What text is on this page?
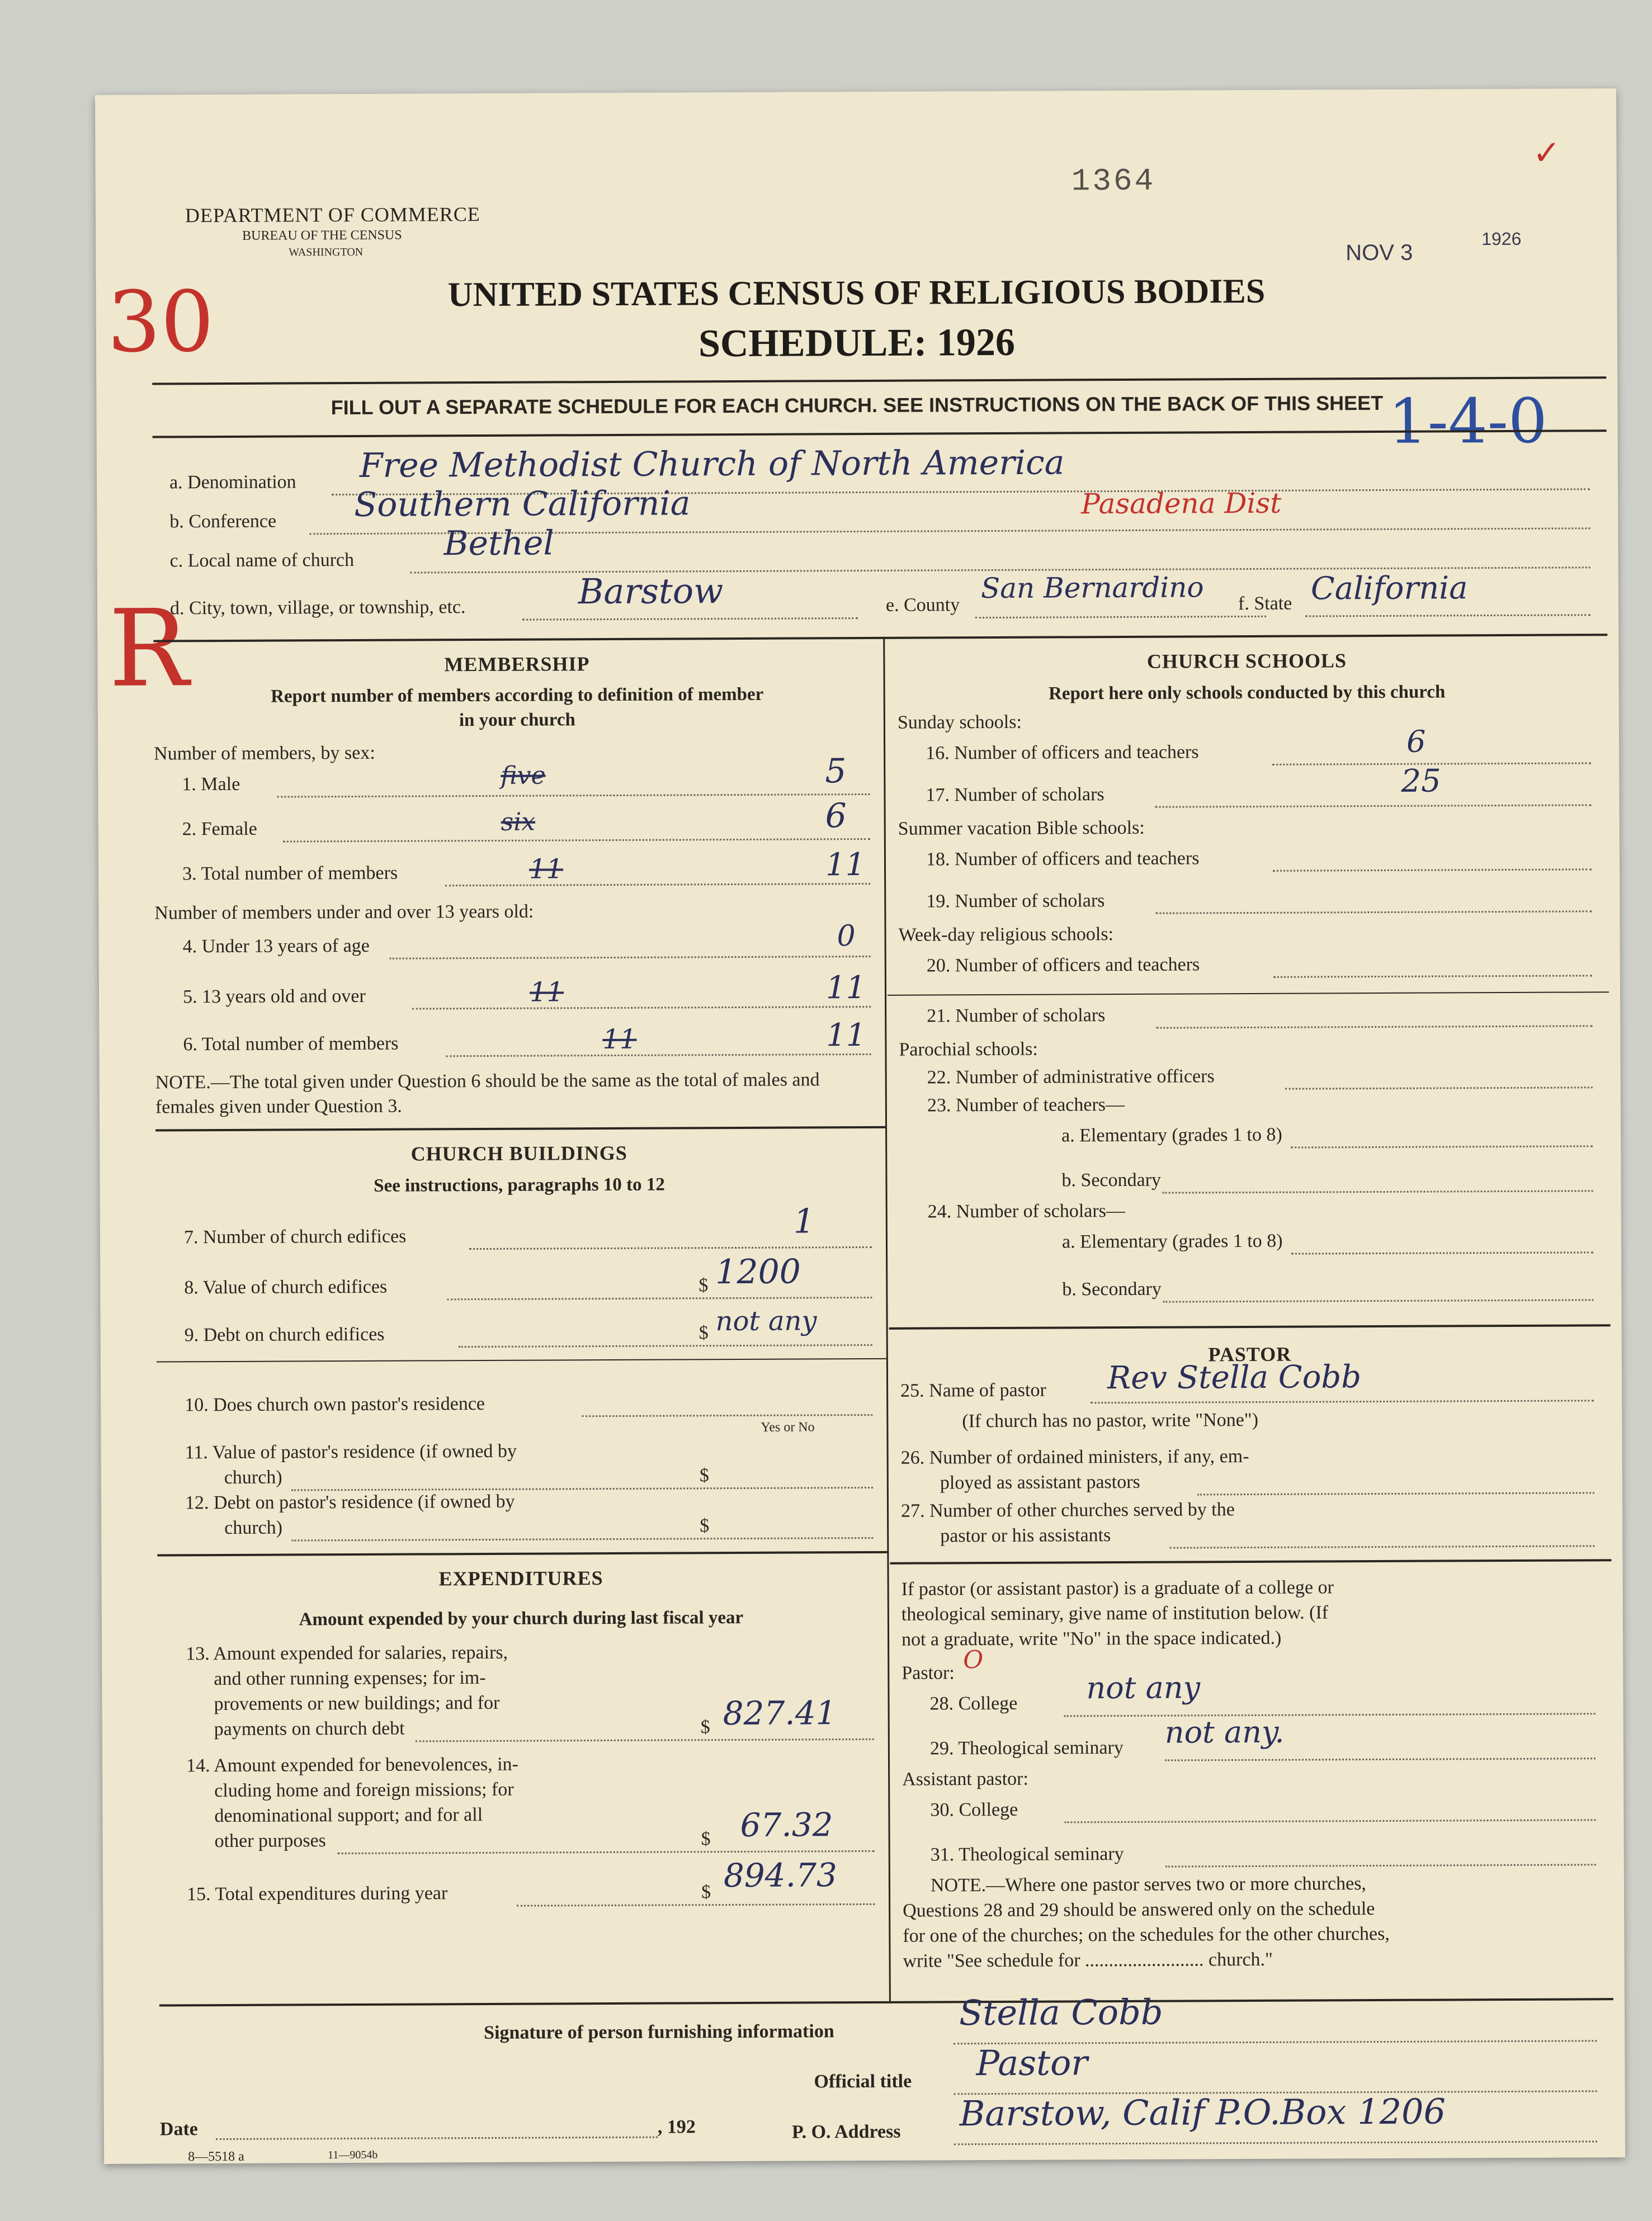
1364
NOV 3
1926
✓
30
R
1-4-0
DEPARTMENT OF COMMERCE
BUREAU OF THE CENSUS
WASHINGTON
UNITED STATES CENSUS OF RELIGIOUS BODIES
SCHEDULE: 1926
FILL OUT A SEPARATE SCHEDULE FOR EACH CHURCH. SEE INSTRUCTIONS ON THE BACK OF THIS SHEET
a. Denomination Free Methodist Church of North America
b. Conference Southern California	Pasadena Dist
c. Local name of church	Bethel
d. City, town, village, or township, etc.	Barstow	e. County
San Bernardino f. State California
MEMBERSHIP
Report number of members according to definition of member in your church
Number of members, by sex:
1. Male	five	5
2. Female	six	6
3. Total number of members	11	11
Number of members under and over 13 years old:
4. Under 13 years of age	0
5. 13 years old and over	11	11
6. Total number of members	11	11
NOTE.—The total given under Question 6 should be the same as the total of males and females given under Question 3.
CHURCH BUILDINGS
See instructions, paragraphs 10 to 12
7. Number of church edifices	1
8. Value of church edifices	$ 1200
9. Debt on church edifices	$ not any
10. Does church own pastor's residence
Yes or No
11. Value of pastor's residence (if owned by
church)	$
12. Debt on pastor's residence (if owned by
church)	$
EXPENDITURES
Amount expended by your church during last fiscal year
13. Amount expended for salaries, repairs,
and other running expenses; for im-
provements or new buildings; and for
payments on church debt	$ 827.41
14. Amount expended for benevolences, in-
cluding home and foreign missions; for
denominational support; and for all
other purposes	$ 67.32
15. Total expenditures during year	$ 894.73
CHURCH SCHOOLS
Report here only schools conducted by this church
Sunday schools:
16. Number of officers and teachers	6
17. Number of scholars	25
Summer vacation Bible schools:
18. Number of officers and teachers
19. Number of scholars
Week-day religious schools:
20. Number of officers and teachers
21. Number of scholars
Parochial schools:
22. Number of administrative officers
23. Number of teachers—
a. Elementary (grades 1 to 8)
b. Secondary
24. Number of scholars—
a. Elementary (grades 1 to 8)
b. Secondary
PASTOR
25. Name of pastor Rev Stella Cobb
(If church has no pastor, write "None")
26. Number of ordained ministers, if any, em-
ployed as assistant pastors
27. Number of other churches served by the
pastor or his assistants
If pastor (or assistant pastor) is a graduate of a college or
theological seminary, give name of institution below. (If
not a graduate, write "No" in the space indicated.)
Pastor: O
28. College not any
29. Theological seminary not any.
Assistant pastor:
30. College
31. Theological seminary
NOTE.—Where one pastor serves two or more churches,
Questions 28 and 29 should be answered only on the schedule
for one of the churches; on the schedules for the other churches,
write "See schedule for ......................... church."
Signature of person furnishing information	Stella Cobb
Official title Pastor
Date	, 192	P. O. Address Barstow, Calif P.O.Box 1206
8—5518 a	11—9054b
